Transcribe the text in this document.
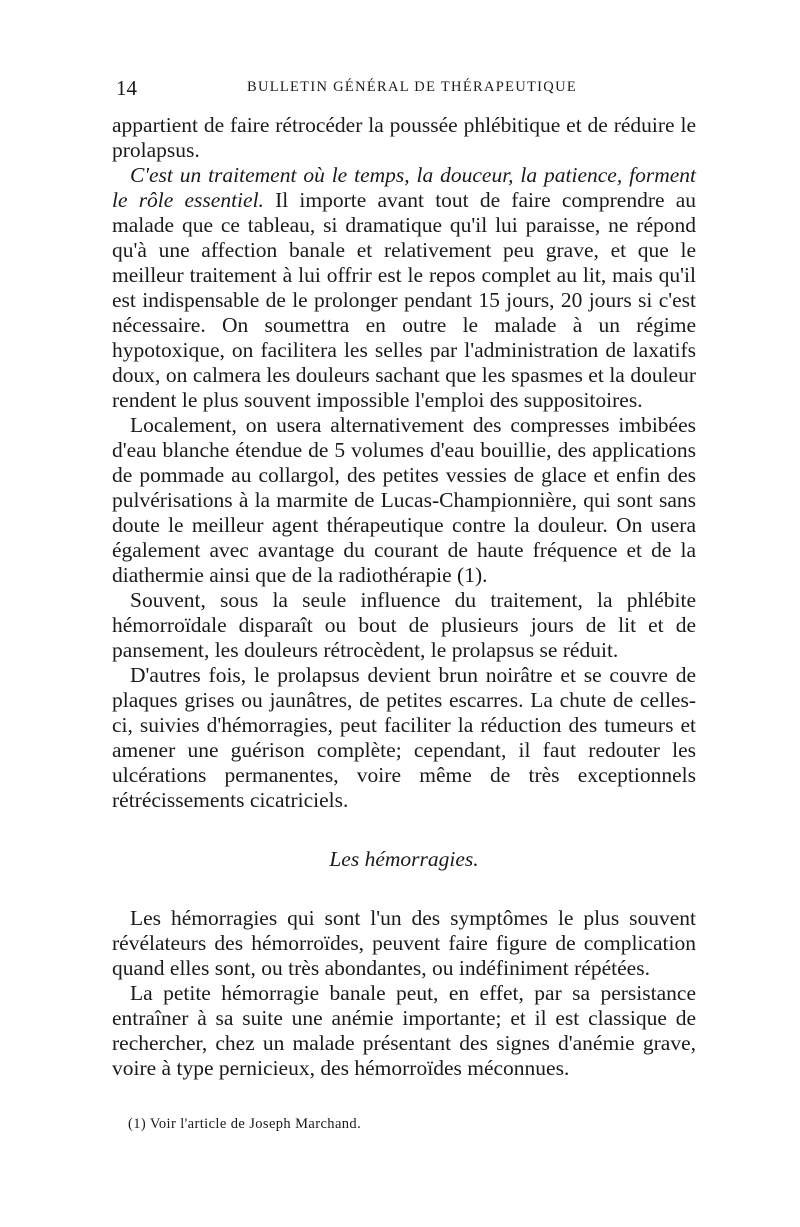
14	BULLETIN GÉNÉRAL DE THÉRAPEUTIQUE

appartient de faire rétrocéder la poussée phlébitique et de réduire le prolapsus.

C'est un traitement où le temps, la douceur, la patience, forment le rôle essentiel. Il importe avant tout de faire comprendre au malade que ce tableau, si dramatique qu'il lui paraisse, ne répond qu'à une affection banale et relativement peu grave, et que le meilleur traitement à lui offrir est le repos complet au lit, mais qu'il est indispensable de le prolonger pendant 15 jours, 20 jours si c'est nécessaire. On soumettra en outre le malade à un régime hypotoxique, on facilitera les selles par l'administration de laxatifs doux, on calmera les douleurs sachant que les spasmes et la douleur rendent le plus souvent impossible l'emploi des suppositoires.

Localement, on usera alternativement des compresses imbibées d'eau blanche étendue de 5 volumes d'eau bouillie, des applications de pommade au collargol, des petites vessies de glace et enfin des pulvérisations à la marmite de Lucas-Championnière, qui sont sans doute le meilleur agent thérapeutique contre la douleur. On usera également avec avantage du courant de haute fréquence et de la diathermie ainsi que de la radiothérapie (1).

Souvent, sous la seule influence du traitement, la phlébite hémorroïdale disparaît ou bout de plusieurs jours de lit et de pansement, les douleurs rétrocèdent, le prolapsus se réduit.

D'autres fois, le prolapsus devient brun noirâtre et se couvre de plaques grises ou jaunâtres, de petites escarres. La chute de celles-ci, suivies d'hémorragies, peut faciliter la réduction des tumeurs et amener une guérison complète; cependant, il faut redouter les ulcérations permanentes, voire même de très exceptionnels rétrécissements cicatriciels.

Les hémorragies.

Les hémorragies qui sont l'un des symptômes le plus souvent révélateurs des hémorroïdes, peuvent faire figure de complication quand elles sont, ou très abondantes, ou indéfiniment répétées.

La petite hémorragie banale peut, en effet, par sa persistance entraîner à sa suite une anémie importante; et il est classique de rechercher, chez un malade présentant des signes d'anémie grave, voire à type pernicieux, des hémorroïdes méconnues.

(1) Voir l'article de Joseph Marchand.
